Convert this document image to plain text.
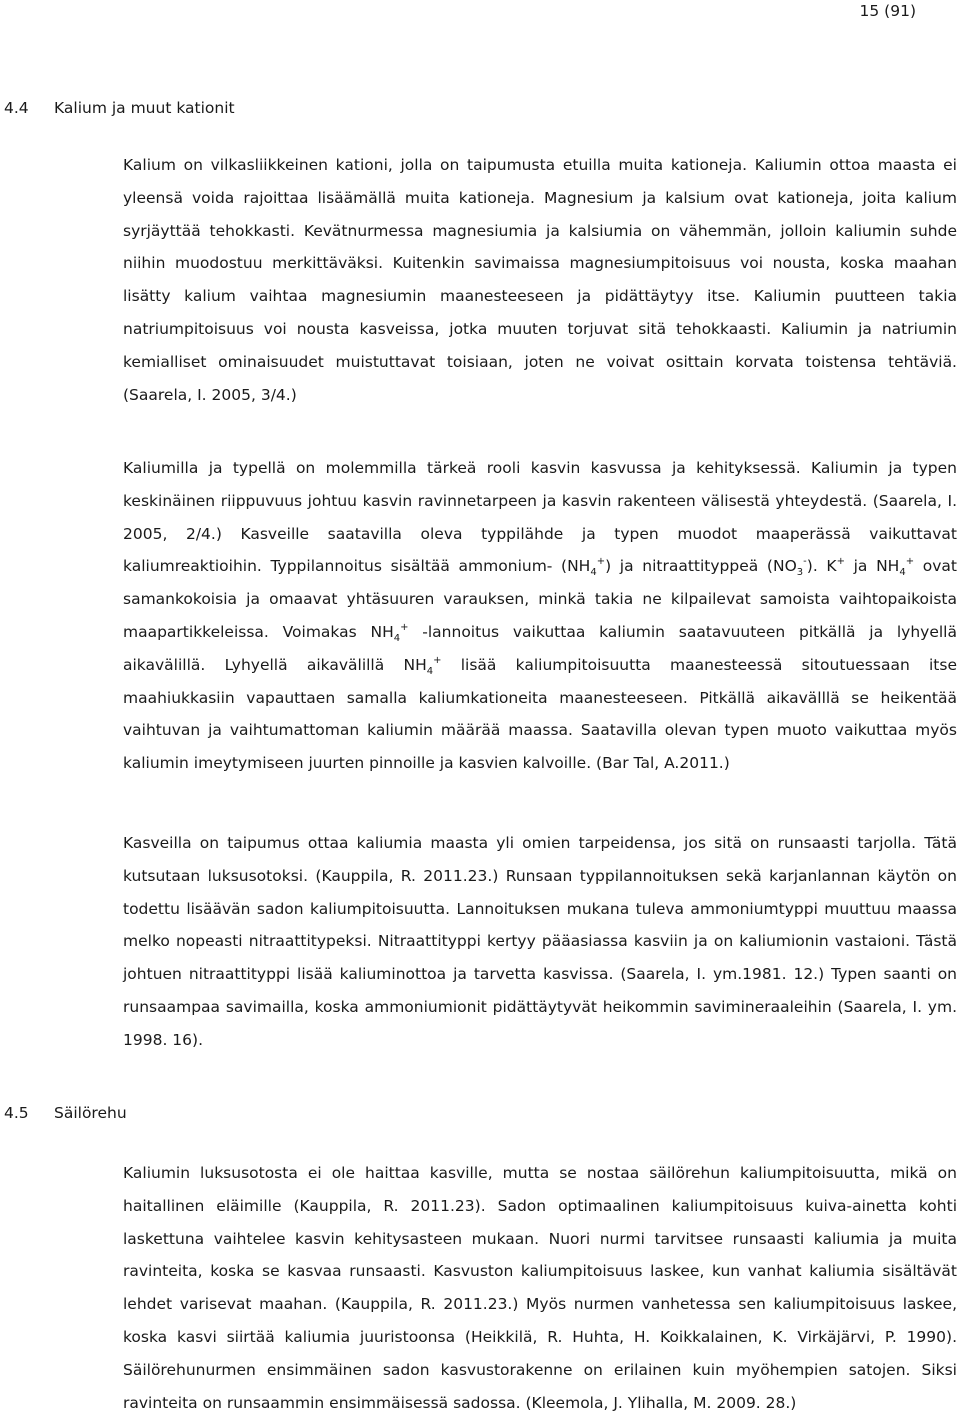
15 (91)
4.4 Kalium ja muut kationit

Kalium on vilkasliikkeinen kationi, jolla on taipumusta etuilla muita kationeja. Kaliumin ottoa maasta ei yleensä voida rajoittaa lisäämällä muita kationeja. Magnesium ja kalsium ovat kationeja, joita kalium syrjäyttää tehokkasti. Kevätnurmessa magnesiumia ja kalsiumia on vähemmän, jolloin kaliumin suhde niihin muodostuu merkittäväksi. Kuitenkin savimaissa magnesiumpitoisuus voi nousta, koska maahan lisätty kalium vaihtaa magnesiumin maanesteeseen ja pidättäytyy itse. Kaliumin puutteen takia natriumpitoisuus voi nousta kasveissa, jotka muuten torjuvat sitä tehokkaasti. Kaliumin ja natriumin kemialliset ominaisuudet muistuttavat toisiaan, joten ne voivat osittain korvata toistensa tehtäviä. (Saarela, I. 2005, 3/4.)

Kaliumilla ja typellä on molemmilla tärkeä rooli kasvin kasvussa ja kehityksessä. Kaliumin ja typen keskinäinen riippuvuus johtuu kasvin ravinnetarpeen ja kasvin rakenteen välisestä yhteydestä. (Saarela, I. 2005, 2/4.) Kasveille saatavilla oleva typpilähde ja typen muodot maaperässä vaikuttavat kaliumreaktioihin. Typpilannoitus sisältää ammonium- $(NH_4^+)$ ja nitraattityppeä $(NO_3^-)$. K+ ja $NH_4^+$ ovat samankokoisia ja omaavat yhtäsuuren varauksen, minkä takia ne kilpailevat samoista vaihtopaikoista maapartikkeleissa. Voimakas $NH_4^+$ -lannoitus vaikuttaa kaliumin saatavuuteen pitkällä ja lyhyellä aikavälillä. Lyhyellä aikavälillä $NH_4^+$ lisää kaliumpitoisuutta maanesteessä sitoutuessaan itse maahiukkasiin vapauttaen samalla kaliumkationeita maanesteeseen. Pitkällä aikavälllä se heikentää vaihtuvan ja vaihtumattoman kaliumin määrää maassa. Saatavilla olevan typen muoto vaikuttaa myös kaliumin imeytymiseen juurten pinnoille ja kasvien kalvoille. (Bar Tal, A.2011.)

Kasveilla on taipumus ottaa kaliumia maasta yli omien tarpeidensa, jos sitä on runsaasti tarjolla. Tätä kutsutaan luksusotoksi. (Kauppila, R. 2011.23.) Runsaan typpilannoituksen sekä karjanlannan käytön on todettu lisäävän sadon kaliumpitoisuutta. Lannoituksen mukana tuleva ammoniumtyppi muuttuu maassa melko nopeasti nitraattitypeksi. Nitraattityppi kertyy pääasiassa kasviin ja on kaliumionin vastaioni. Tästä johtuen nitraattityppi lisää kaliuminottoa ja tarvetta kasvissa. (Saarela, I. ym.1981. 12.) Typen saanti on runsaampaa savimailla, koska ammoniumionit pidättäytyvät heikommin savimineraaleihin (Saarela, I. ym. 1998. 16).

4.5 Säilörehu

Kaliumin luksusotosta ei ole haittaa kasville, mutta se nostaa säilörehun kaliumpitoisuutta, mikä on haitallinen eläimille (Kauppila, R. 2011.23). Sadon optimaalinen kaliumpitoisuus kuiva-ainetta kohti laskettuna vaihtelee kasvin kehitysasteen mukaan. Nuori nurmi tarvitsee runsaasti kaliumia ja muita ravinteita, koska se kasvaa runsaasti. Kasvuston kaliumpitoisuus laskee, kun vanhat kaliumia sisältävät lehdet varisevat maahan. (Kauppila, R. 2011.23.) Myös nurmen vanhetessa sen kaliumpitoisuus laskee, koska kasvi siirtää kaliumia juuristoonsa (Heikkilä, R. Huhta, H. Koikkalainen, K. Virkäjärvi, P. 1990). Säilörehunurmen ensimmäinen sadon kasvustorakenne on erilainen kuin myöhempien satojen. Siksi ravinteita on runsaammin ensimmäisessä sadossa. (Kleemola, J. Ylihalla, M. 2009. 28.)
